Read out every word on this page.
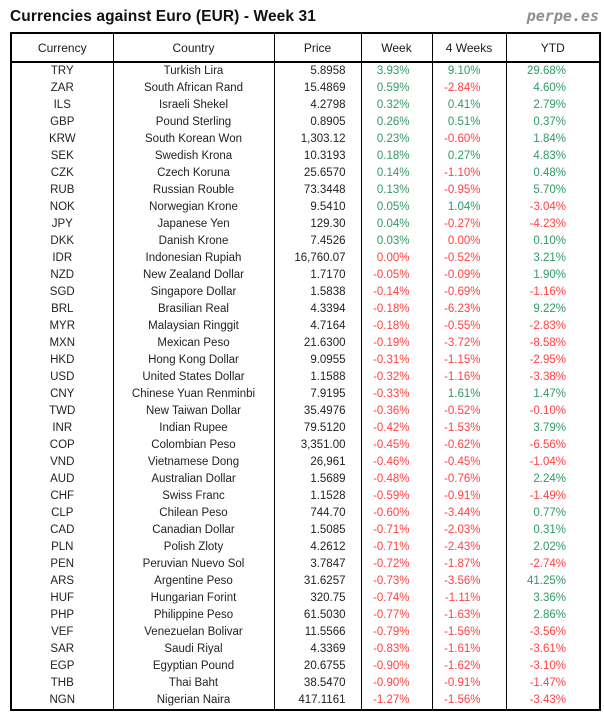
Currencies against Euro (EUR) - Week 31	perpe.es
Currency	Country	Price	Week	4 Weeks	YTD
TRY	Turkish Lira	5.8958	3.93%	9.10%	29.68%
ZAR	South African Rand	15.4869	0.59%	-2.84%	4.60%
ILS	Israeli Shekel	4.2798	0.32%	0.41%	2.79%
GBP	Pound Sterling	0.8905	0.26%	0.51%	0.37%
KRW	South Korean Won	1,303.12	0.23%	-0.60%	1.84%
SEK	Swedish Krona	10.3193	0.18%	0.27%	4.83%
CZK	Czech Koruna	25.6570	0.14%	-1.10%	0.48%
RUB	Russian Rouble	73.3448	0.13%	-0.95%	5.70%
NOK	Norwegian Krone	9.5410	0.05%	1.04%	-3.04%
JPY	Japanese Yen	129.30	0.04%	-0.27%	-4.23%
DKK	Danish Krone	7.4526	0.03%	0.00%	0.10%
IDR	Indonesian Rupiah	16,760.07	0.00%	-0.52%	3.21%
NZD	New Zealand Dollar	1.7170	-0.05%	-0.09%	1.90%
SGD	Singapore Dollar	1.5838	-0.14%	-0.69%	-1.16%
BRL	Brasilian Real	4.3394	-0.18%	-6.23%	9.22%
MYR	Malaysian Ringgit	4.7164	-0.18%	-0.55%	-2.83%
MXN	Mexican Peso	21.6300	-0.19%	-3.72%	-8.58%
HKD	Hong Kong Dollar	9.0955	-0.31%	-1.15%	-2.95%
USD	United States Dollar	1.1588	-0.32%	-1.16%	-3.38%
CNY	Chinese Yuan Renminbi	7.9195	-0.33%	1.61%	1.47%
TWD	New Taiwan Dollar	35.4976	-0.36%	-0.52%	-0.10%
INR	Indian Rupee	79.5120	-0.42%	-1.53%	3.79%
COP	Colombian Peso	3,351.00	-0.45%	-0.62%	-6.56%
VND	Vietnamese Dong	26,961	-0.46%	-0.45%	-1.04%
AUD	Australian Dollar	1.5689	-0.48%	-0.76%	2.24%
CHF	Swiss Franc	1.1528	-0.59%	-0.91%	-1.49%
CLP	Chilean Peso	744.70	-0.60%	-3.44%	0.77%
CAD	Canadian Dollar	1.5085	-0.71%	-2.03%	0.31%
PLN	Polish Zloty	4.2612	-0.71%	-2.43%	2.02%
PEN	Peruvian Nuevo Sol	3.7847	-0.72%	-1.87%	-2.74%
ARS	Argentine Peso	31.6257	-0.73%	-3.56%	41.25%
HUF	Hungarian Forint	320.75	-0.74%	-1.11%	3.36%
PHP	Philippine Peso	61.5030	-0.77%	-1.63%	2.86%
VEF	Venezuelan Bolivar	11.5566	-0.79%	-1.56%	-3.56%
SAR	Saudi Riyal	4.3369	-0.83%	-1.61%	-3.61%
EGP	Egyptian Pound	20.6755	-0.90%	-1.62%	-3.10%
THB	Thai Baht	38.5470	-0.90%	-0.91%	-1.47%
NGN	Nigerian Naira	417.1161	-1.27%	-1.56%	-3.43%
